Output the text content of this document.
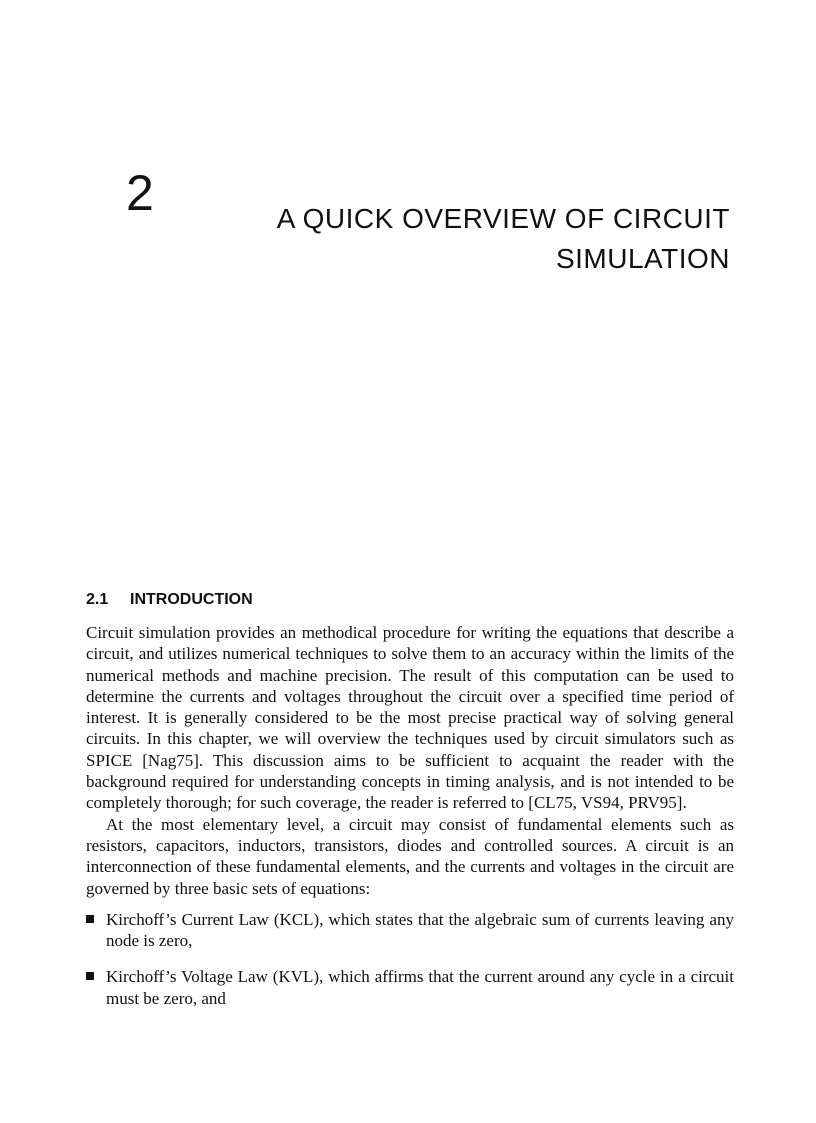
2	A QUICK OVERVIEW OF CIRCUIT
SIMULATION
2.1 INTRODUCTION

Circuit simulation provides an methodical procedure for writing the equations that describe a circuit, and utilizes numerical techniques to solve them to an accuracy within the limits of the numerical methods and machine precision. The result of this computation can be used to determine the currents and voltages throughout the circuit over a specified time period of interest. It is generally considered to be the most precise practical way of solving general circuits. In this chapter, we will overview the techniques used by circuit simulators such as SPICE [Nag75]. This discussion aims to be sufficient to acquaint the reader with the background required for understanding concepts in timing analysis, and is not intended to be completely thorough; for such coverage, the reader is referred to [CL75, VS94, PRV95].

At the most elementary level, a circuit may consist of fundamental elements such as resistors, capacitors, inductors, transistors, diodes and controlled sources. A circuit is an interconnection of these fundamental elements, and the currents and voltages in the circuit are governed by three basic sets of equations:

Kirchoff’s Current Law (KCL), which states that the algebraic sum of currents leaving any node is zero,
Kirchoff’s Voltage Law (KVL), which affirms that the current around any cycle in a circuit must be zero, and
